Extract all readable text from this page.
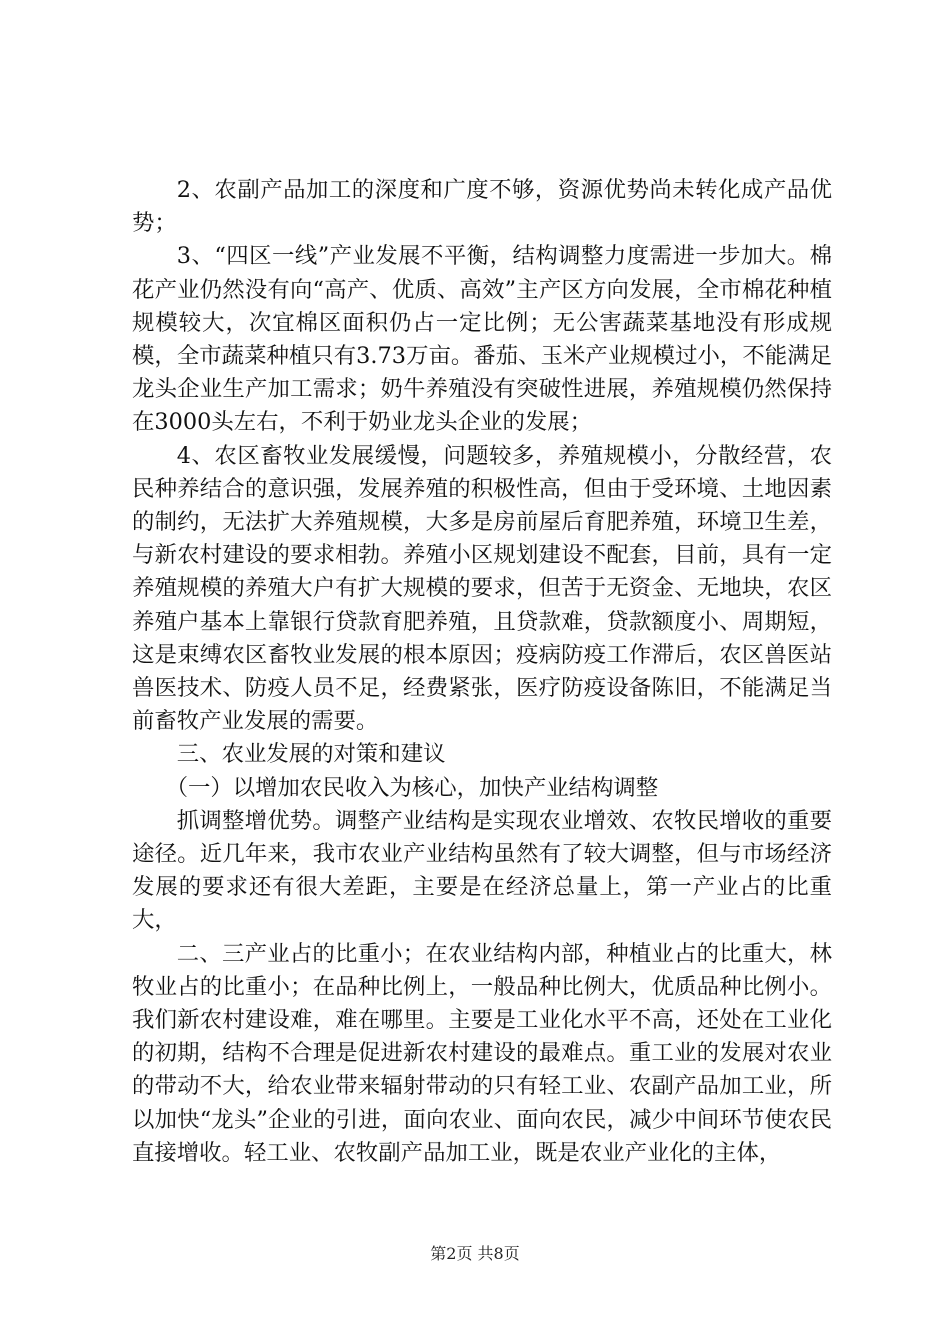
2、农副产品加工的深度和广度不够，资源优势尚未转化成产品优势；

3、“四区一线”产业发展不平衡，结构调整力度需进一步加大。棉花产业仍然没有向“高产、优质、高效”主产区方向发展，全市棉花种植规模较大，次宜棉区面积仍占一定比例；无公害蔬菜基地没有形成规模，全市蔬菜种植只有3.73万亩。番茄、玉米产业规模过小，不能满足龙头企业生产加工需求；奶牛养殖没有突破性进展，养殖规模仍然保持在3000头左右，不利于奶业龙头企业的发展；

4、农区畜牧业发展缓慢，问题较多，养殖规模小，分散经营，农民种养结合的意识强，发展养殖的积极性高，但由于受环境、土地因素的制约，无法扩大养殖规模，大多是房前屋后育肥养殖，环境卫生差，与新农村建设的要求相勃。养殖小区规划建设不配套，目前，具有一定养殖规模的养殖大户有扩大规模的要求，但苦于无资金、无地块，农区养殖户基本上靠银行贷款育肥养殖，且贷款难，贷款额度小、周期短，这是束缚农区畜牧业发展的根本原因；疫病防疫工作滞后，农区兽医站兽医技术、防疫人员不足，经费紧张，医疗防疫设备陈旧，不能满足当前畜牧产业发展的需要。

三、农业发展的对策和建议

（一）以增加农民收入为核心，加快产业结构调整

抓调整增优势。调整产业结构是实现农业增效、农牧民增收的重要途径。近几年来，我市农业产业结构虽然有了较大调整，但与市场经济发展的要求还有很大差距，主要是在经济总量上，第一产业占的比重大，

二、三产业占的比重小；在农业结构内部，种植业占的比重大，林牧业占的比重小；在品种比例上，一般品种比例大，优质品种比例小。我们新农村建设难，难在哪里。主要是工业化水平不高，还处在工业化的初期，结构不合理是促进新农村建设的最难点。重工业的发展对农业的带动不大，给农业带来辐射带动的只有轻工业、农副产品加工业，所以加快“龙头”企业的引进，面向农业、面向农民，减少中间环节使农民直接增收。轻工业、农牧副产品加工业，既是农业产业化的主体，

第2页 共8页
